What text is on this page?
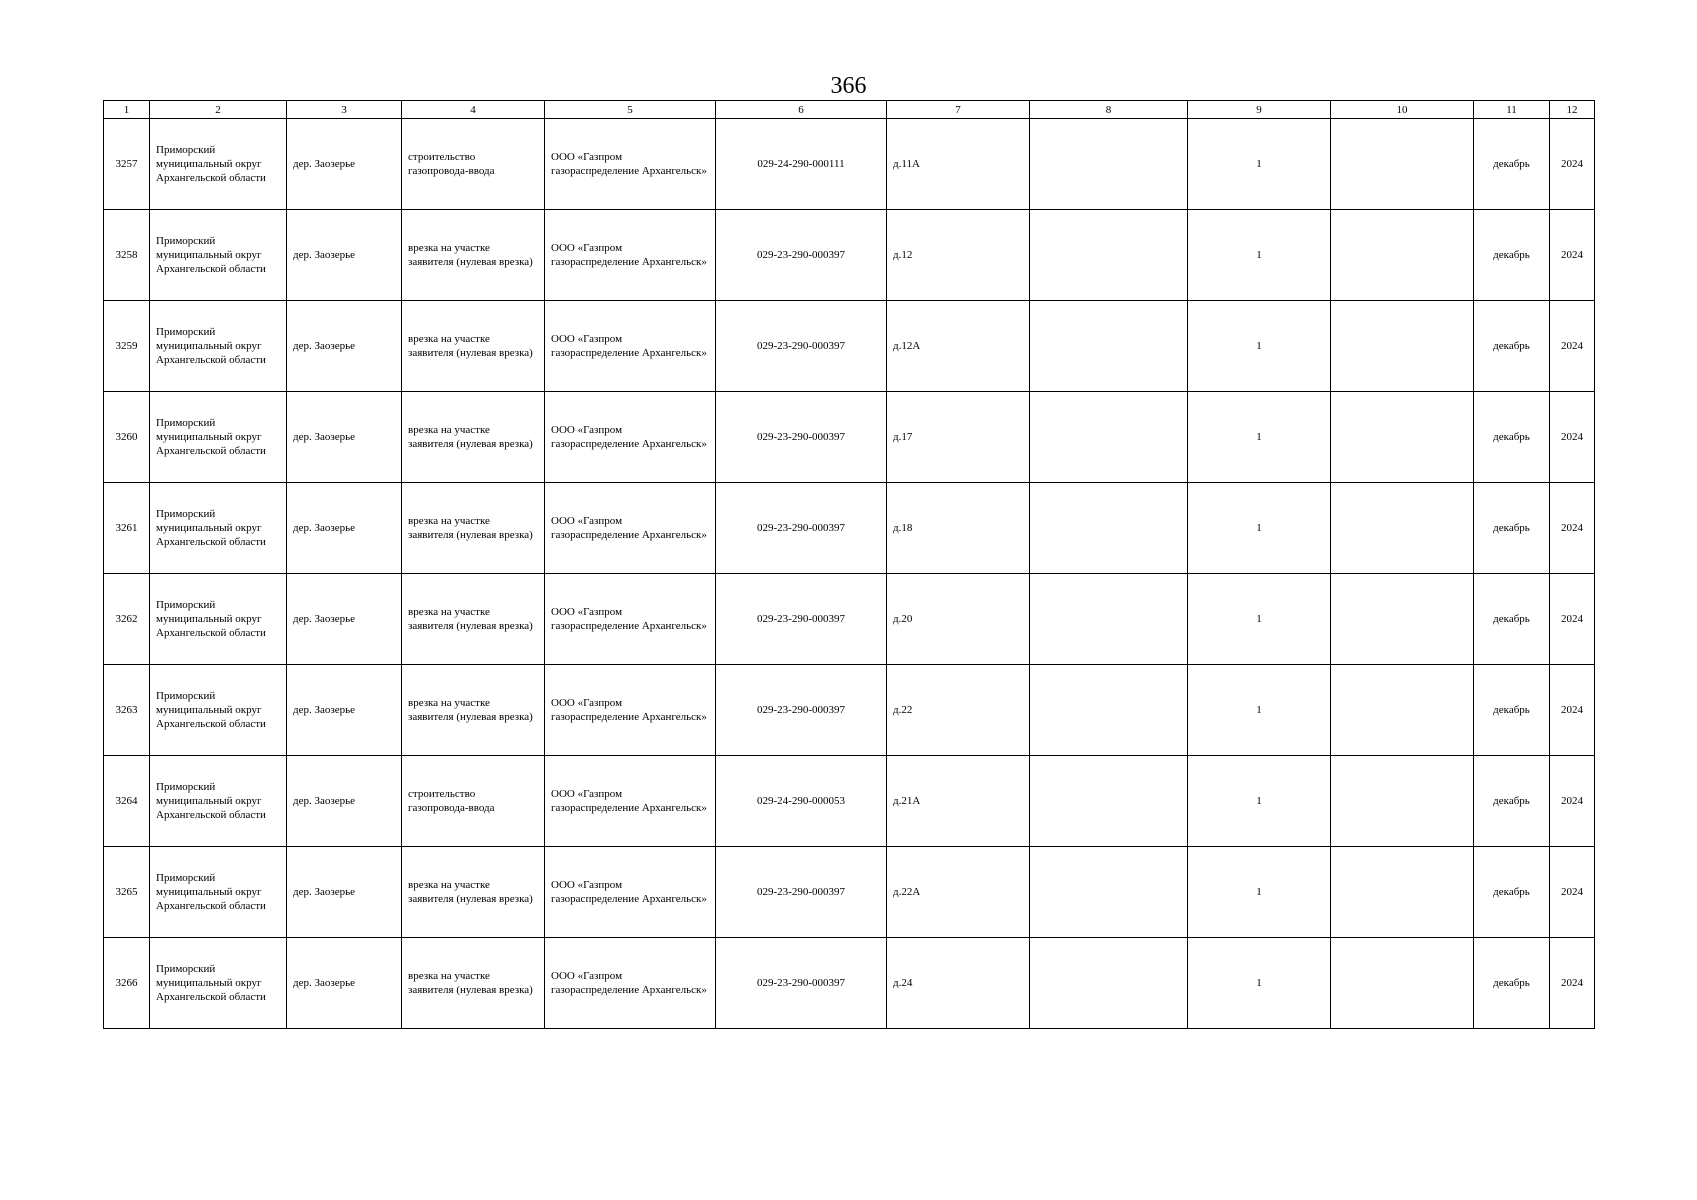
366
1	2	3	4	5	6	7	8	9	10	11	12
3257	Приморский муниципальный округ Архангельской области	дер. Заозерье	строительство газопровода-ввода	ООО «Газпром газораспределение Архангельск»	029-24-290-000111	д.11А		1		декабрь	2024
3258	Приморский муниципальный округ Архангельской области	дер. Заозерье	врезка на участке заявителя (нулевая врезка)	ООО «Газпром газораспределение Архангельск»	029-23-290-000397	д.12		1		декабрь	2024
3259	Приморский муниципальный округ Архангельской области	дер. Заозерье	врезка на участке заявителя (нулевая врезка)	ООО «Газпром газораспределение Архангельск»	029-23-290-000397	д.12А		1		декабрь	2024
3260	Приморский муниципальный округ Архангельской области	дер. Заозерье	врезка на участке заявителя (нулевая врезка)	ООО «Газпром газораспределение Архангельск»	029-23-290-000397	д.17		1		декабрь	2024
3261	Приморский муниципальный округ Архангельской области	дер. Заозерье	врезка на участке заявителя (нулевая врезка)	ООО «Газпром газораспределение Архангельск»	029-23-290-000397	д.18		1		декабрь	2024
3262	Приморский муниципальный округ Архангельской области	дер. Заозерье	врезка на участке заявителя (нулевая врезка)	ООО «Газпром газораспределение Архангельск»	029-23-290-000397	д.20		1		декабрь	2024
3263	Приморский муниципальный округ Архангельской области	дер. Заозерье	врезка на участке заявителя (нулевая врезка)	ООО «Газпром газораспределение Архангельск»	029-23-290-000397	д.22		1		декабрь	2024
3264	Приморский муниципальный округ Архангельской области	дер. Заозерье	строительство газопровода-ввода	ООО «Газпром газораспределение Архангельск»	029-24-290-000053	д.21А		1		декабрь	2024
3265	Приморский муниципальный округ Архангельской области	дер. Заозерье	врезка на участке заявителя (нулевая врезка)	ООО «Газпром газораспределение Архангельск»	029-23-290-000397	д.22А		1		декабрь	2024
3266	Приморский муниципальный округ Архангельской области	дер. Заозерье	врезка на участке заявителя (нулевая врезка)	ООО «Газпром газораспределение Архангельск»	029-23-290-000397	д.24		1		декабрь	2024
